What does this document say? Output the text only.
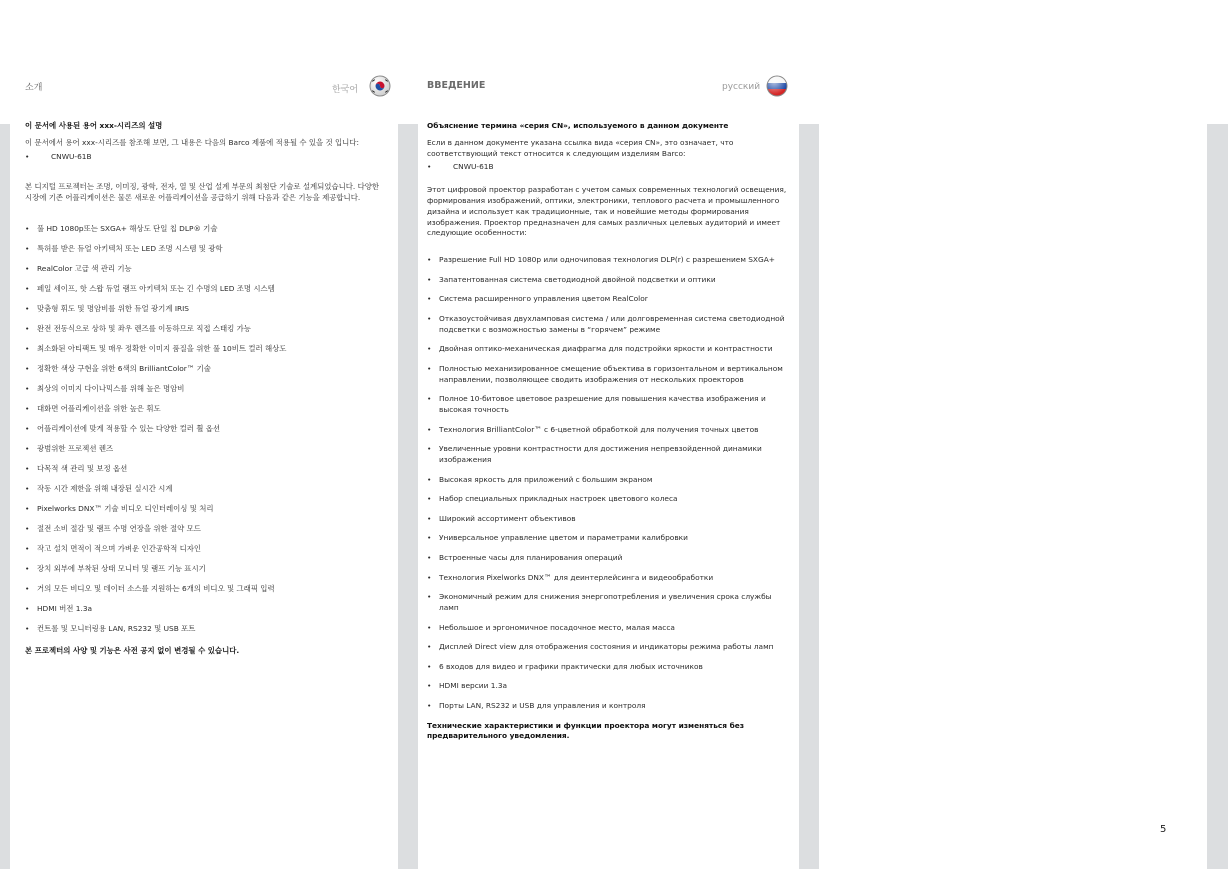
소개	한국어	ВВЕДЕНИЕ	русский
이 문서에 사용된 용어 xxx-시리즈의 설명
이 문서에서 용어 xxx-시리즈를 참조해 보면, 그 내용은 다음의 Barco 제품에 적용될 수 있을 것 입니다:
•	CNWU-61B
본 디지털 프로젝터는 조명, 이미징, 광학, 전자, 열 및 산업 설계 부문의 최첨단 기술로 설계되었습니다. 다양한 시장에 기존 어플리케이션은 물론 새로운 어플리케이션을 공급하기 위해 다음과 같은 기능을 제공합니다.
•	풀 HD 1080p또는 SXGA+ 해상도 단일 칩 DLP® 기술
•	특허를 받은 듀얼 아키텍처 또는 LED 조명 시스템 및 광학
•	RealColor 고급 색 관리 기능
•	페일 세이프, 핫 스왑 듀얼 램프 아키텍처 또는 긴 수명의 LED 조명 시스템
•	맞춤형 휘도 및 명암비를 위한 듀얼 광기계 IRIS
•	완전 전동식으로 상하 및 좌우 렌즈를 이동하므로 직접 스태킹 가능
•	최소화된 아티팩트 및 매우 정확한 이미지 품질을 위한 풀 10비트 컬러 해상도
•	정확한 색상 구현을 위한 6색의 BrilliantColor™ 기술
•	최상의 이미지 다이나믹스를 위해 높은 명암비
•	대화면 어플리케이션을 위한 높은 휘도
•	어플리케이션에 맞게 적용할 수 있는 다양한 컬러 휠 옵션
•	광범위한 프로젝션 렌즈
•	다목적 색 관리 및 보정 옵션
•	작동 시간 제한을 위해 내장된 실시간 시계
•	Pixelworks DNX™ 기술 비디오 디인터레이싱 및 처리
•	절전 소비 절감 및 램프 수명 연장을 위한 절약 모드
•	작고 설치 면적이 적으며 가벼운 인간공학적 디자인
•	장치 외부에 부착된 상태 모니터 및 램프 기능 표시기
•	거의 모든 비디오 및 데이터 소스를 지원하는 6개의 비디오 및 그래픽 입력
•	HDMI 버전 1.3a
•	컨트롤 및 모니터링용 LAN, RS232 및 USB 포트
본 프로젝터의 사양 및 기능은 사전 공지 없이 변경될 수 있습니다.
Объяснение термина «серия CN», используемого в данном документе
Если в данном документе указана ссылка вида «серия CN», это означает, что соответствующий текст относится к следующим изделиям Barco:
•	CNWU-61B
Этот цифровой проектор разработан с учетом самых современных технологий освещения, формирования изображений, оптики, электроники, теплового расчета и промышленного дизайна и использует как традиционные, так и новейшие методы формирования изображения. Проектор предназначен для самых различных целевых аудиторий и имеет следующие особенности:
•	Разрешение Full HD 1080p или одночиповая технология DLP(r) с разрешением SXGA+
•	Запатентованная система светодиодной двойной подсветки и оптики
•	Система расширенного управления цветом RealColor
•	Отказоустойчивая двухламповая система / или долговременная система светодиодной подсветки с возможностью замены в “горячем” режиме
•	Двойная оптико-механическая диафрагма для подстройки яркости и контрастности
•	Полностью механизированное смещение объектива в горизонтальном и вертикальном направлении, позволяющее сводить изображения от нескольких проекторов
•	Полное 10-битовое цветовое разрешение для повышения качества изображения и высокая точность
•	Технология BrilliantColor™ с 6-цветной обработкой для получения точных цветов
•	Увеличенные уровни контрастности для достижения непревзойденной динамики изображения
•	Высокая яркость для приложений с большим экраном
•	Набор специальных прикладных настроек цветового колеса
•	Широкий ассортимент объективов
•	Универсальное управление цветом и параметрами калибровки
•	Встроенные часы для планирования операций
•	Технология Pixelworks DNX™ для деинтерлейсинга и видеообработки
•	Экономичный режим для снижения энергопотребления и увеличения срока службы ламп
•	Небольшое и эргономичное посадочное место, малая масса
•	Дисплей Direct view для отображения состояния и индикаторы режима работы ламп
•	6 входов для видео и графики практически для любых источников
•	HDMI версии 1.3a
•	Порты LAN, RS232 и USB для управления и контроля
Технические характеристики и функции проектора могут изменяться без предварительного уведомления.
5
